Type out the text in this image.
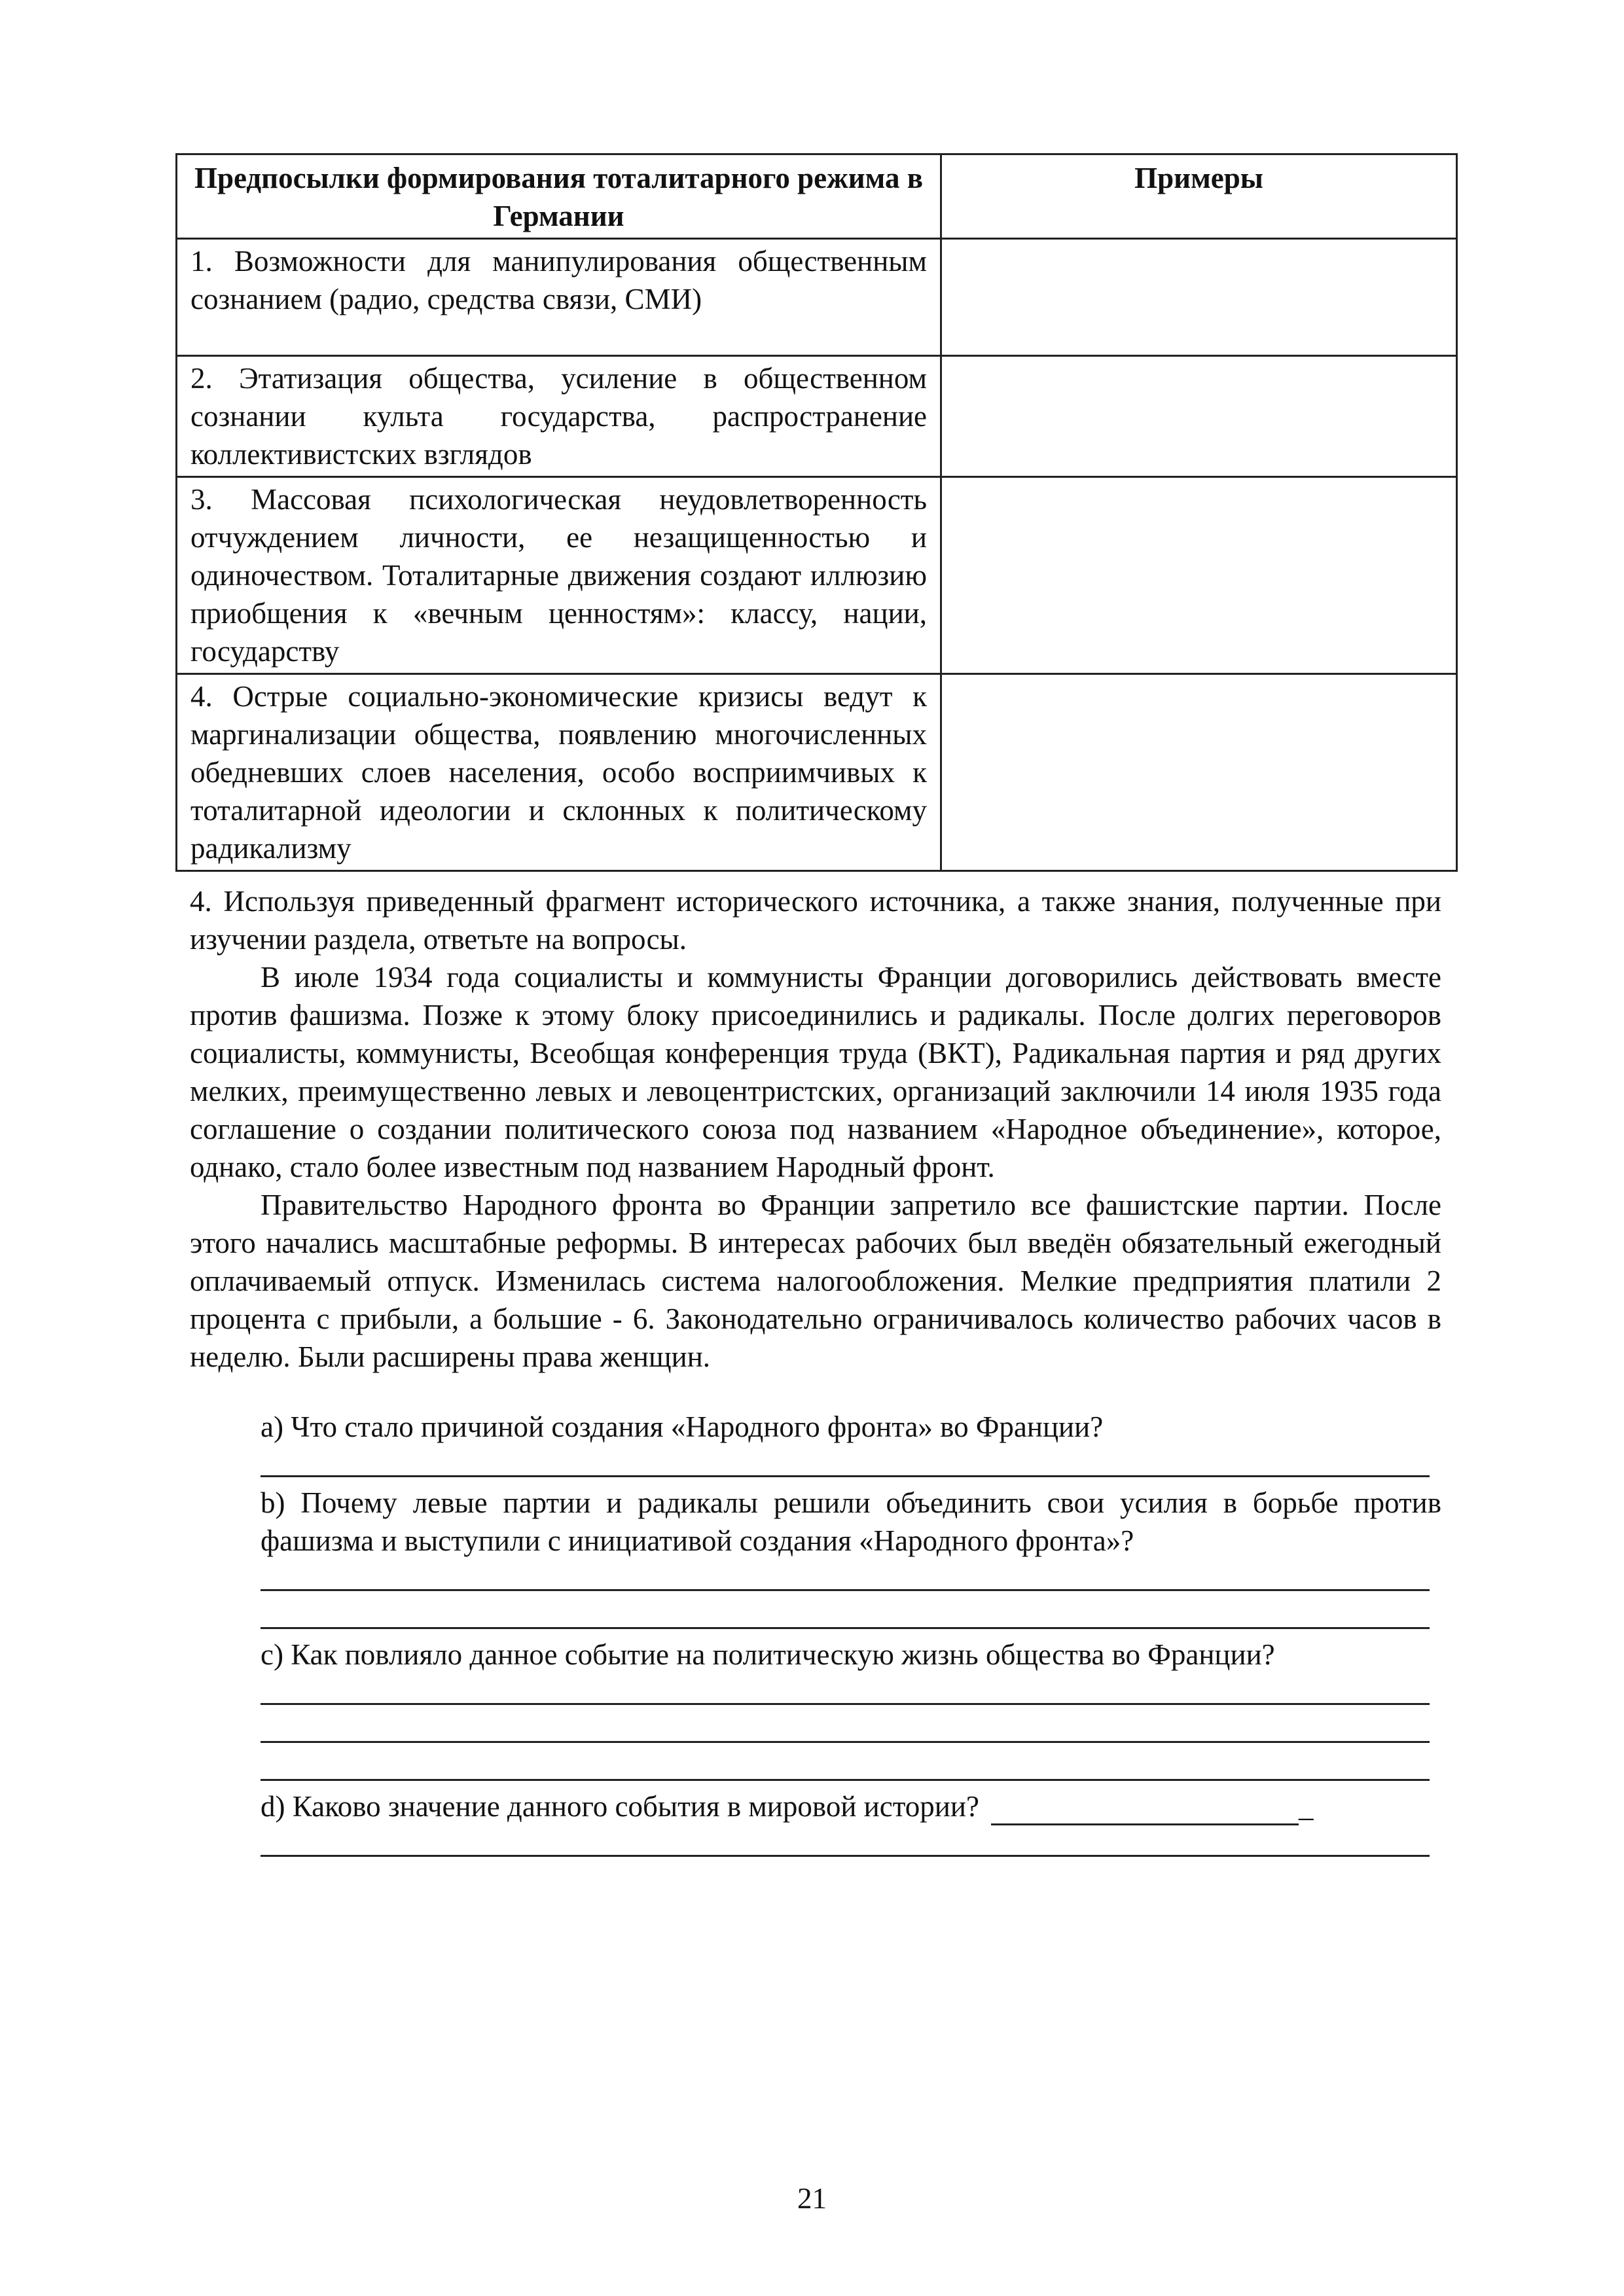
Предпосылки формирования тоталитарного режима в Германии	Примеры
1. Возможности для манипулирования общественным сознанием (радио, средства связи, СМИ)	
2. Этатизация общества, усиление в общественном сознании культа государства, распространение коллективистских взглядов	
3. Массовая психологическая неудовлетворенность отчуждением личности, ее незащищенностью и одиночеством. Тоталитарные движения создают иллюзию приобщения к «вечным ценностям»: классу, нации, государству	
4. Острые социально-экономические кризисы ведут к маргинализации общества, появлению многочисленных обедневших слоев населения, особо восприимчивых к тоталитарной идеологии и склонных к политическому радикализму	

4. Используя приведенный фрагмент исторического источника, а также знания, полученные при изучении раздела, ответьте на вопросы.

В июле 1934 года социалисты и коммунисты Франции договорились действовать вместе против фашизма. Позже к этому блоку присоединились и радикалы. После долгих переговоров социалисты, коммунисты, Всеобщая конференция труда (ВКТ), Радикальная партия и ряд других мелких, преимущественно левых и левоцентристских, организаций заключили 14 июля 1935 года соглашение о создании политического союза под названием «Народное объединение», которое, однако, стало более известным под названием Народный фронт.

Правительство Народного фронта во Франции запретило все фашистские партии. После этого начались масштабные реформы. В интересах рабочих был введён обязательный ежегодный оплачиваемый отпуск. Изменилась система налогообложения. Мелкие предприятия платили 2 процента с прибыли, а большие - 6. Законодательно ограничивалось количество рабочих часов в неделю. Были расширены права женщин.

a) Что стало причиной создания «Народного фронта» во Франции?

b) Почему левые партии и радикалы решили объединить свои усилия в борьбе против фашизма и выступили с инициативой создания «Народного фронта»?

c) Как повлияло данное событие на политическую жизнь общества во Франции?

d) Каково значение данного события в мировой истории?	_
21
